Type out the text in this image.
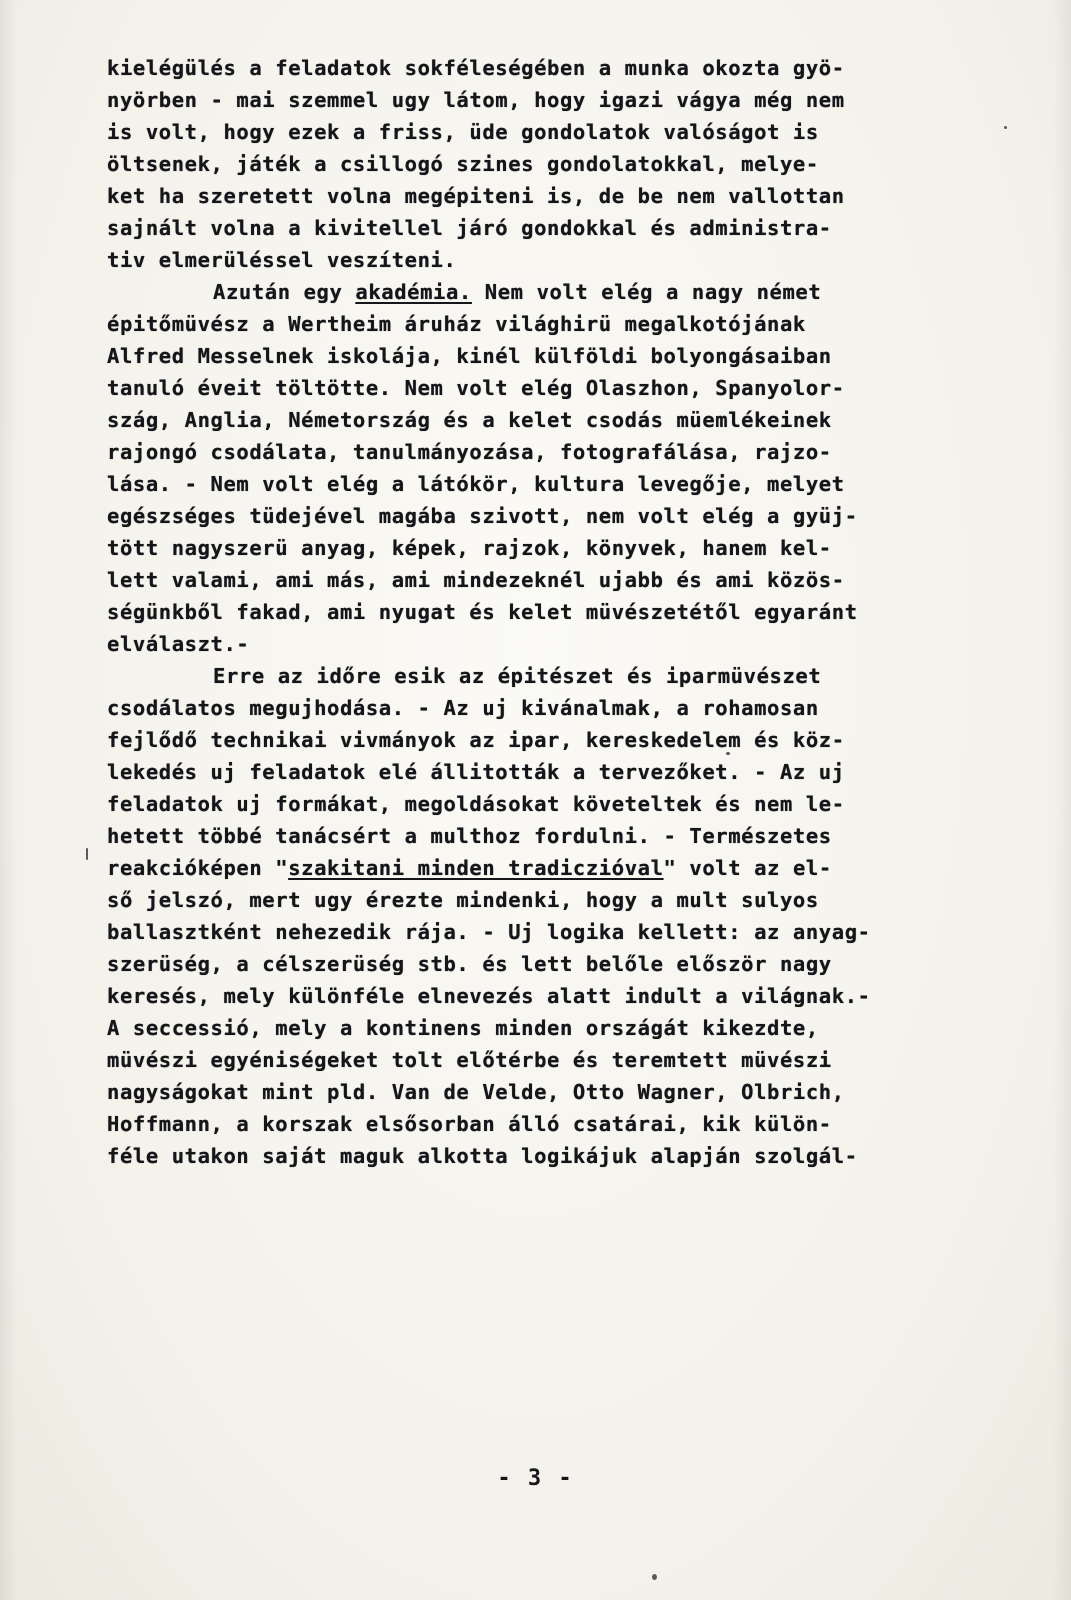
kielégülés a feladatok sokféleségében a munka okozta gyö-
nyörben - mai szemmel ugy látom, hogy igazi vágya még nem
is volt, hogy ezek a friss, üde gondolatok valóságot is
öltsenek, játék a csillogó szines gondolatokkal, melye-
ket ha szeretett volna megépiteni is, de be nem vallottan
sajnált volna a kivitellel járó gondokkal és administra-
tiv elmerüléssel veszíteni.
Azután egy akadémia. Nem volt elég a nagy német
épitőmüvész a Wertheim áruház világhirü megalkotójának
Alfred Messelnek iskolája, kinél külföldi bolyongásaiban
tanuló éveit töltötte. Nem volt elég Olaszhon, Spanyolor-
szág, Anglia, Németország és a kelet csodás müemlékeinek
rajongó csodálata, tanulmányozása, fotografálása, rajzo-
lása. - Nem volt elég a látókör, kultura levegője, melyet
egészséges tüdejével magába szivott, nem volt elég a gyüj-
tött nagyszerü anyag, képek, rajzok, könyvek, hanem kel-
lett valami, ami más, ami mindezeknél ujabb és ami közös-
ségünkből fakad, ami nyugat és kelet müvészetétől egyaránt
elválaszt.-
Erre az időre esik az épitészet és iparmüvészet
csodálatos megujhodása. - Az uj kivánalmak, a rohamosan
fejlődő technikai vivmányok az ipar, kereskedelem és köz-
lekedés uj feladatok elé állitották a tervezőket. - Az uj
feladatok uj formákat, megoldásokat követeltek és nem le-
hetett többé tanácsért a multhoz fordulni. - Természetes
reakcióképen "szakitani minden tradiczióval" volt az el-
ső jelszó, mert ugy érezte mindenki, hogy a mult sulyos
ballasztként nehezedik rája. - Uj logika kellett: az anyag-
szerüség, a célszerüség stb. és lett belőle először nagy
keresés, mely különféle elnevezés alatt indult a világnak.-
A seccessió, mely a kontinens minden országát kikezdte,
müvészi egyéniségeket tolt előtérbe és teremtett müvészi
nagyságokat mint pld. Van de Velde, Otto Wagner, Olbrich,
Hoffmann, a korszak elsősorban álló csatárai, kik külön-
féle utakon saját maguk alkotta logikájuk alapján szolgál-
- 3 -
